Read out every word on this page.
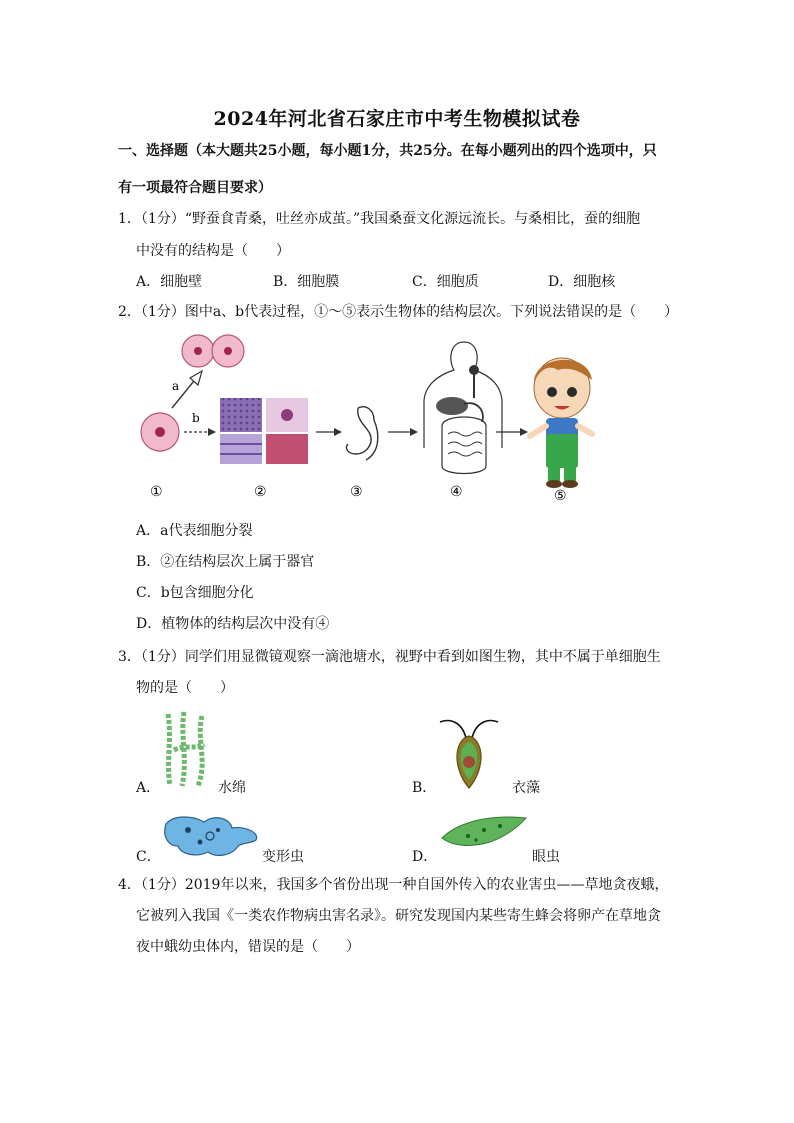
2024年河北省石家庄市中考生物模拟试卷
一、选择题（本大题共25小题，每小题1分，共25分。在每小题列出的四个选项中，只
有一项最符合题目要求）
1．（1分）“野蚕食青桑，吐丝亦成茧。”我国桑蚕文化源远流长。与桑相比，蚕的细胞
中没有的结构是（　　）
A．细胞壁	B．细胞膜	C．细胞质	D．细胞核
2．（1分）图中a、b代表过程，①～⑤表示生物体的结构层次。下列说法错误的是（　　）
a
b
①	②	③	④	⑤
A．a代表细胞分裂
B．②在结构层次上属于器官
C．b包含细胞分化
D．植物体的结构层次中没有④
3．（1分）同学们用显微镜观察一滴池塘水，视野中看到如图生物，其中不属于单细胞生
物的是（　　）
A．	水绵	B．	衣藻
C．	变形虫	D．	眼虫
4．（1分）2019年以来，我国多个省份出现一种自国外传入的农业害虫——草地贪夜蛾，
它被列入我国《一类农作物病虫害名录》。研究发现国内某些寄生蜂会将卵产在草地贪
夜中蛾幼虫体内，错误的是（　　）
